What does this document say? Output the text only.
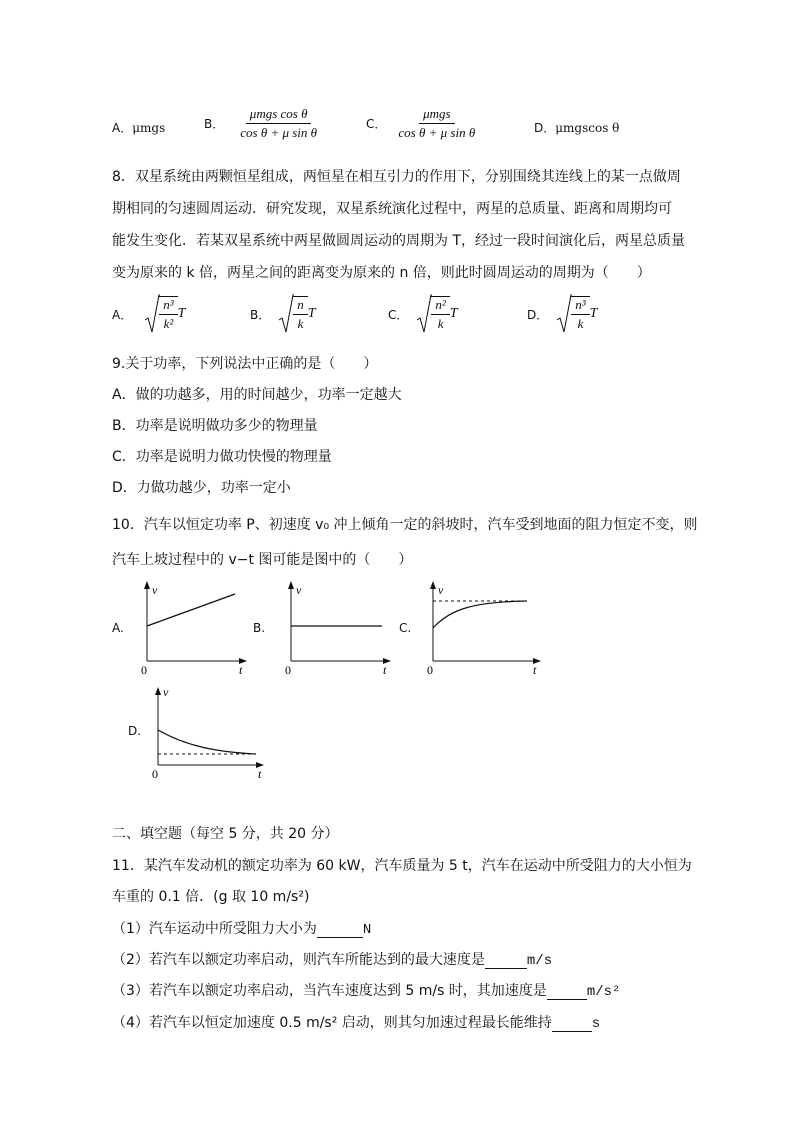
A．μmgs	B． $\frac{\text{μmgs cos θ}}{\text{cos θ + μ sin θ}}$	C． $\frac{\text{μmgs}}{\text{cos θ + μ sin θ}}$	D．μmgscos θ
8．双星系统由两颗恒星组成，两恒星在相互引力的作用下，分别围绕其连线上的某一点做周
期相同的匀速圆周运动．研究发现，双星系统演化过程中，两星的总质量、距离和周期均可
能发生变化．若某双星系统中两星做圆周运动的周期为 T，经过一段时间演化后，两星总质量
变为原来的 k 倍，两星之间的距离变为原来的 n 倍，则此时圆周运动的周期为（　　）
A． $\frac{\text{n³}}{\text{k²}}$ T	B． $\frac{n}{k}$ T	C． $\frac{\text{n²}}{k}$ T	D． $\frac{\text{n³}}{k}$ T
9.关于功率，下列说法中正确的是（　　）
A．做的功越多，用的时间越少，功率一定越大
B．功率是说明做功多少的物理量
C．功率是说明力做功快慢的物理量
D．力做功越少，功率一定小
10．汽车以恒定功率 P、初速度 v₀ 冲上倾角一定的斜坡时，汽车受到地面的阻力恒定不变，则
汽车上坡过程中的 v−t 图可能是图中的（　　）
A.
v
t
0
B.
v
t
0
C.
v
t
0
D.
v
t
0
二、填空题（每空 5 分，共 20 分）
11．某汽车发动机的额定功率为 60 kW，汽车质量为 5 t，汽车在运动中所受阻力的大小恒为
车重的 0.1 倍．(g 取 10 m/s²)
（1）汽车运动中所受阻力大小为	N
（2）若汽车以额定功率启动，则汽车所能达到的最大速度是	m/s
（3）若汽车以额定功率启动，当汽车速度达到 5 m/s 时，其加速度是	m/s²
（4）若汽车以恒定加速度 0.5 m/s² 启动，则其匀加速过程最长能维持	s
